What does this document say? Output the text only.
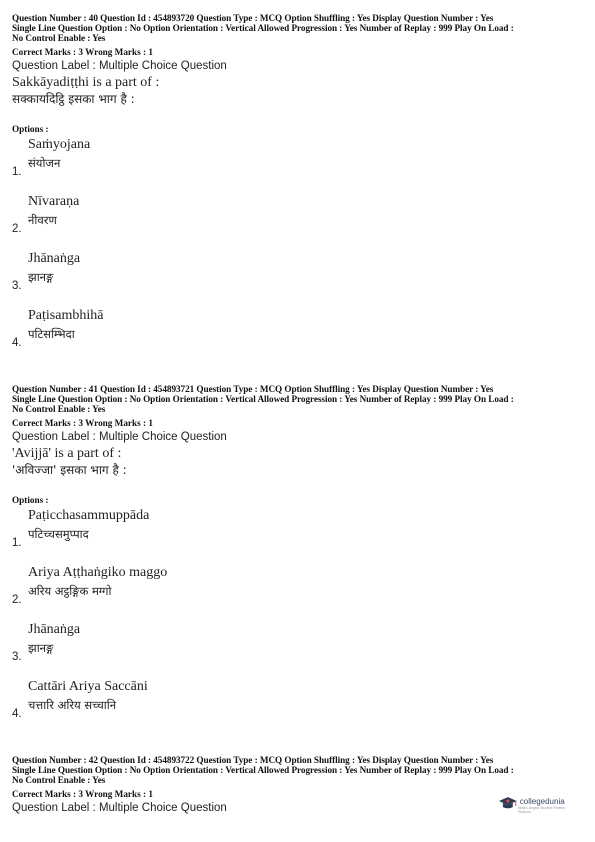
Question Number : 40 Question Id : 454893720 Question Type : MCQ Option Shuffling : Yes Display Question Number : Yes
Single Line Question Option : No Option Orientation : Vertical Allowed Progression : Yes Number of Replay : 999 Play On Load :
No Control Enable : Yes
Correct Marks : 3 Wrong Marks : 1
Question Label : Multiple Choice Question
Sakkāyadiṭṭhi is a part of :
सक्कायदिट्ठि इसका भाग है :
Options :
Saṁyojana
संयोजन
1.
Nīvaraṇa
नीवरण
2.
Jhānaṅga
झानङ्ग
3.
Paṭisambhihā
पटिसम्भिदा
4.
Question Number : 41 Question Id : 454893721 Question Type : MCQ Option Shuffling : Yes Display Question Number : Yes
Single Line Question Option : No Option Orientation : Vertical Allowed Progression : Yes Number of Replay : 999 Play On Load :
No Control Enable : Yes
Correct Marks : 3 Wrong Marks : 1
Question Label : Multiple Choice Question
'Avijjā' is a part of :
'अविज्जा' इसका भाग है :
Options :
Paṭicchasammuppāda
पटिच्चसमुप्पाद
1.
Ariya Aṭṭhaṅgiko maggo
अरिय अट्ठङ्गिक मग्गो
2.
Jhānaṅga
झानङ्ग
3.
Cattāri Ariya Saccāni
चत्तारि अरिय सच्चानि
4.
Question Number : 42 Question Id : 454893722 Question Type : MCQ Option Shuffling : Yes Display Question Number : Yes
Single Line Question Option : No Option Orientation : Vertical Allowed Progression : Yes Number of Replay : 999 Play On Load :
No Control Enable : Yes
Correct Marks : 3 Wrong Marks : 1
Question Label : Multiple Choice Question
collegedunia
India's largest Student Review Platform
